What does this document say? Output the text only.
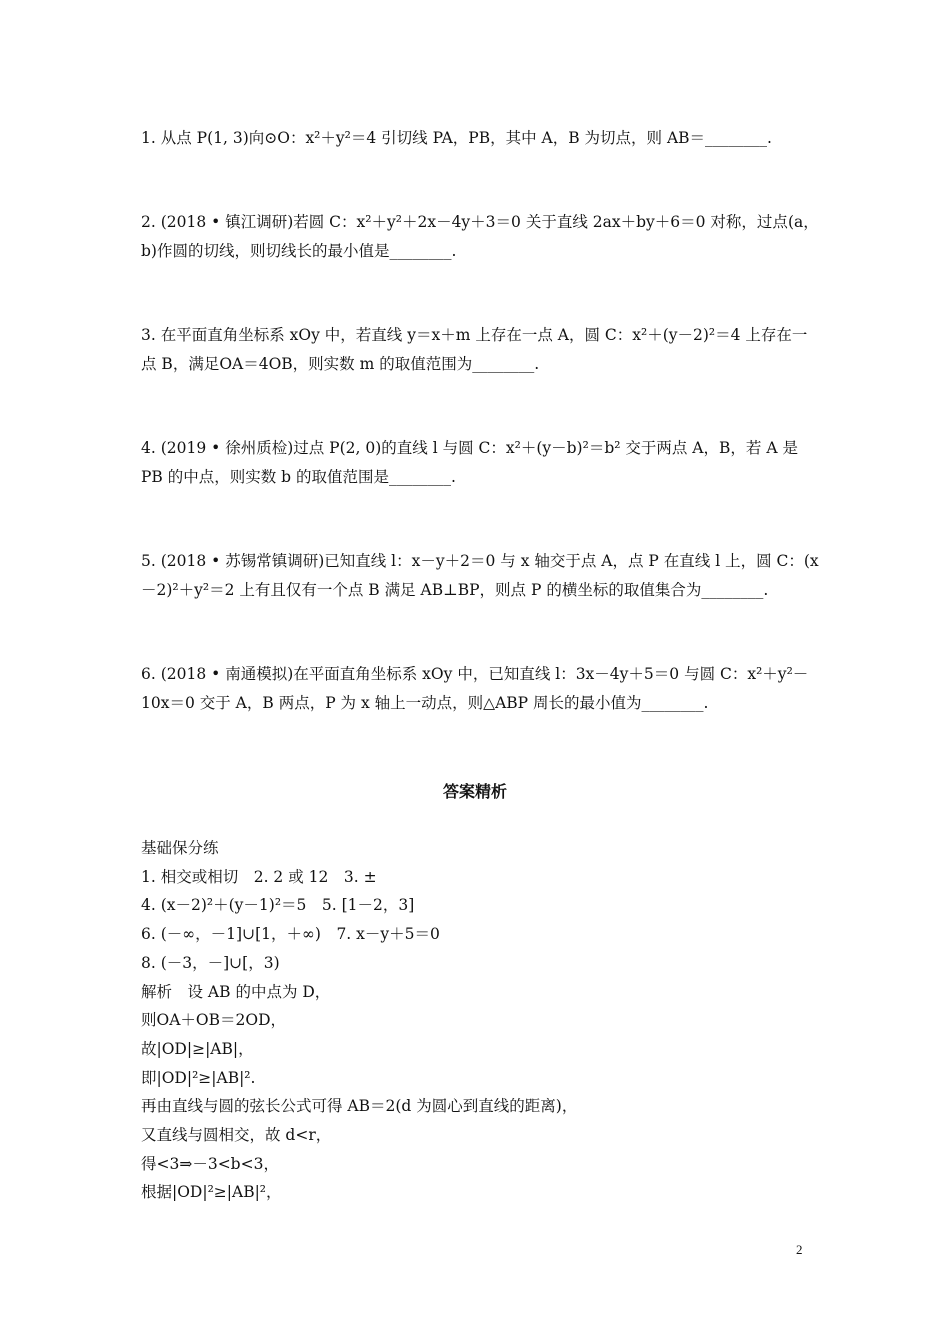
1. 从点 P(1, 3)向⊙O：x²＋y²＝4 引切线 PA，PB，其中 A，B 为切点，则 AB＝________.

2. (2018 • 镇江调研)若圆 C：x²＋y²＋2x－4y＋3＝0 关于直线 2ax＋by＋6＝0 对称，过点(a，b)作圆的切线，则切线长的最小值是________.

3. 在平面直角坐标系 xOy 中，若直线 y＝x＋m 上存在一点 A，圆 C：x²＋(y－2)²＝4 上存在一点 B，满足OA＝4OB，则实数 m 的取值范围为________.

4. (2019 • 徐州质检)过点 P(2, 0)的直线 l 与圆 C：x²＋(y－b)²＝b² 交于两点 A，B，若 A 是 PB 的中点，则实数 b 的取值范围是________.

5. (2018 • 苏锡常镇调研)已知直线 l：x－y＋2＝0 与 x 轴交于点 A，点 P 在直线 l 上，圆 C：(x－2)²＋y²＝2 上有且仅有一个点 B 满足 AB⊥BP，则点 P 的横坐标的取值集合为________.

6. (2018 • 南通模拟)在平面直角坐标系 xOy 中，已知直线 l：3x－4y＋5＝0 与圆 C：x²＋y²－10x＝0 交于 A，B 两点，P 为 x 轴上一动点，则△ABP 周长的最小值为________.

答案精析
基础保分练
1. 相交或相切　2. 2 或 12　3. ±
4. (x－2)²＋(y－1)²＝5　5. [1－2，3]
6. (－∞，－1]∪[1，＋∞)　7. x－y＋5＝0
8. (－3，－]∪[，3)
解析　设 AB 的中点为 D，
则OA＋OB＝2OD，
故|OD|≥|AB|，
即|OD|²≥|AB|².
再由直线与圆的弦长公式可得 AB＝2(d 为圆心到直线的距离)，
又直线与圆相交，故 d<r，
得<3⇒－3<b<3，
根据|OD|²≥|AB|²，
2
